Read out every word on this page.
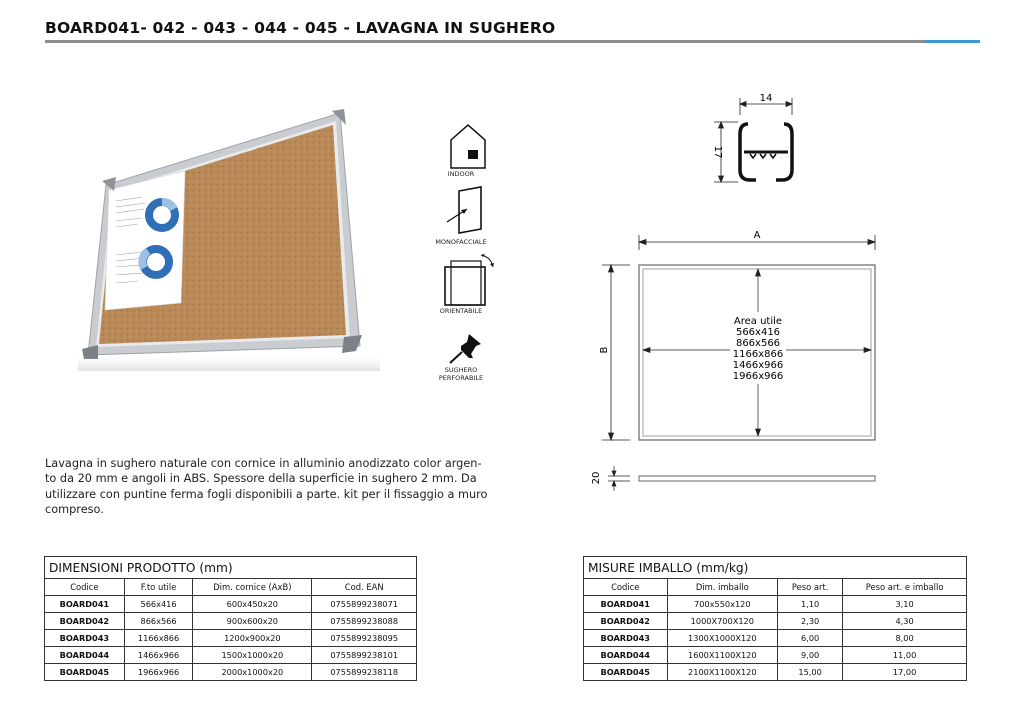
BOARD041- 042 - 043 - 044 - 045 - LAVAGNA IN SUGHERO
INDOOR
MONOFACCIALE
ORIENTABILE
SUGHERO
PERFORABILE
14
17
A
B
Area utile
566x416
866x566
1166x866
1466x966
1966x966
20
Lavagna in sughero naturale con cornice in alluminio anodizzato color argen-
to da 20 mm e angoli in ABS. Spessore della superficie in sughero 2 mm. Da
utilizzare con puntine ferma fogli disponibili a parte. kit per il fissaggio a muro
compreso.
DIMENSIONI PRODOTTO (mm)			
Codice	F.to utile	Dim. cornice (AxB)	Cod. EAN
BOARD041	566x416	600x450x20	0755899238071
BOARD042	866x566	900x600x20	0755899238088
BOARD043	1166x866	1200x900x20	0755899238095
BOARD044	1466x966	1500x1000x20	0755899238101
BOARD045	1966x966	2000x1000x20	0755899238118
MISURE IMBALLO (mm/kg)			
Codice	Dim. imballo	Peso art.	Peso art. e imballo
BOARD041	700x550x120	1,10	3,10
BOARD042	1000X700X120	2,30	4,30
BOARD043	1300X1000X120	6,00	8,00
BOARD044	1600X1100X120	9,00	11,00
BOARD045	2100X1100X120	15,00	17,00
